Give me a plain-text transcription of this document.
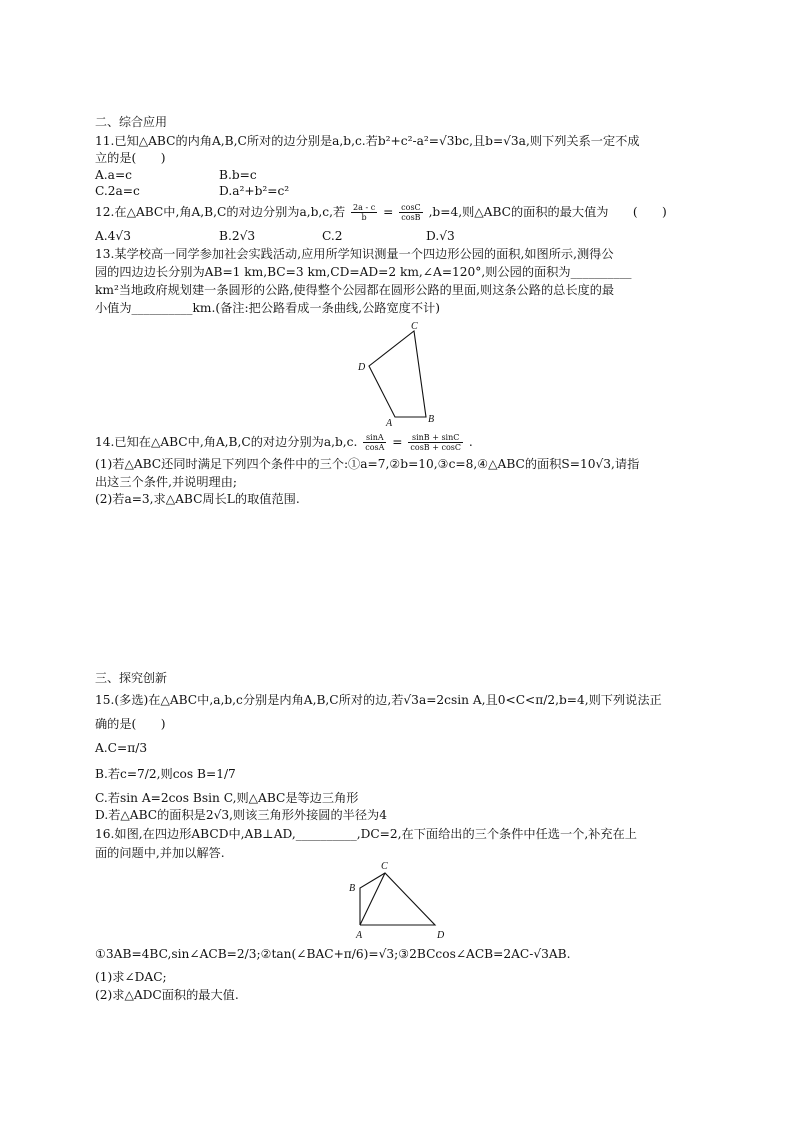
二、综合应用
11.已知△ABC的内角A,B,C所对的边分别是a,b,c.若b²+c²-a²=√3bc,且b=√3a,则下列关系一定不成
立的是(　　)
A.a=c	B.b=c
C.2a=c	D.a²+b²=c²
12.在△ABC中,角A,B,C的对边分别为a,b,c,若 $\frac{2a - c}{b} = \frac{\cos C}{\cos B} ,b=4$,则△ABC的面积的最大值为　　(　　)
A.4√3	B.2√3	C.2	D.√3
13.某学校高一同学参加社会实践活动,应用所学知识测量一个四边形公园的面积,如图所示,测得公
园的四边边长分别为AB=1 km,BC=3 km,CD=AD=2 km,∠A=120°,则公园的面积为__________
km²当地政府规划建一条圆形的公路,使得整个公园都在圆形公路的里面,则这条公路的总长度的最
小值为__________km.(备注:把公路看成一条曲线,公路宽度不计)
C
D
A	B
14.已知在△ABC中,角A,B,C的对边分别为a,b,c. $\frac{\sin A}{\cos A} = \frac{\sin B + \sin C}{\cos B + \cos C}$ .
(1)若△ABC还同时满足下列四个条件中的三个:①a=7,②b=10,③c=8,④△ABC的面积S=10√3,请指
出这三个条件,并说明理由;
(2)若a=3,求△ABC周长L的取值范围.
三、探究创新
15.(多选)在△ABC中,a,b,c分别是内角A,B,C所对的边,若√3a=2csin A,且0<C<π/2,b=4,则下列说法正
确的是(　　)
A.C=π/3
B.若c=7/2,则cos B=1/7
C.若sin A=2cos Bsin C,则△ABC是等边三角形
D.若△ABC的面积是2√3,则该三角形外接圆的半径为4
16.如图,在四边形ABCD中,AB⊥AD,__________,DC=2,在下面给出的三个条件中任选一个,补充在上
面的问题中,并加以解答.
C
B
A	D
①3AB=4BC,sin∠ACB=2/3;②tan(∠BAC+π/6)=√3;③2BCcos∠ACB=2AC-√3AB.
(1)求∠DAC;
(2)求△ADC面积的最大值.
